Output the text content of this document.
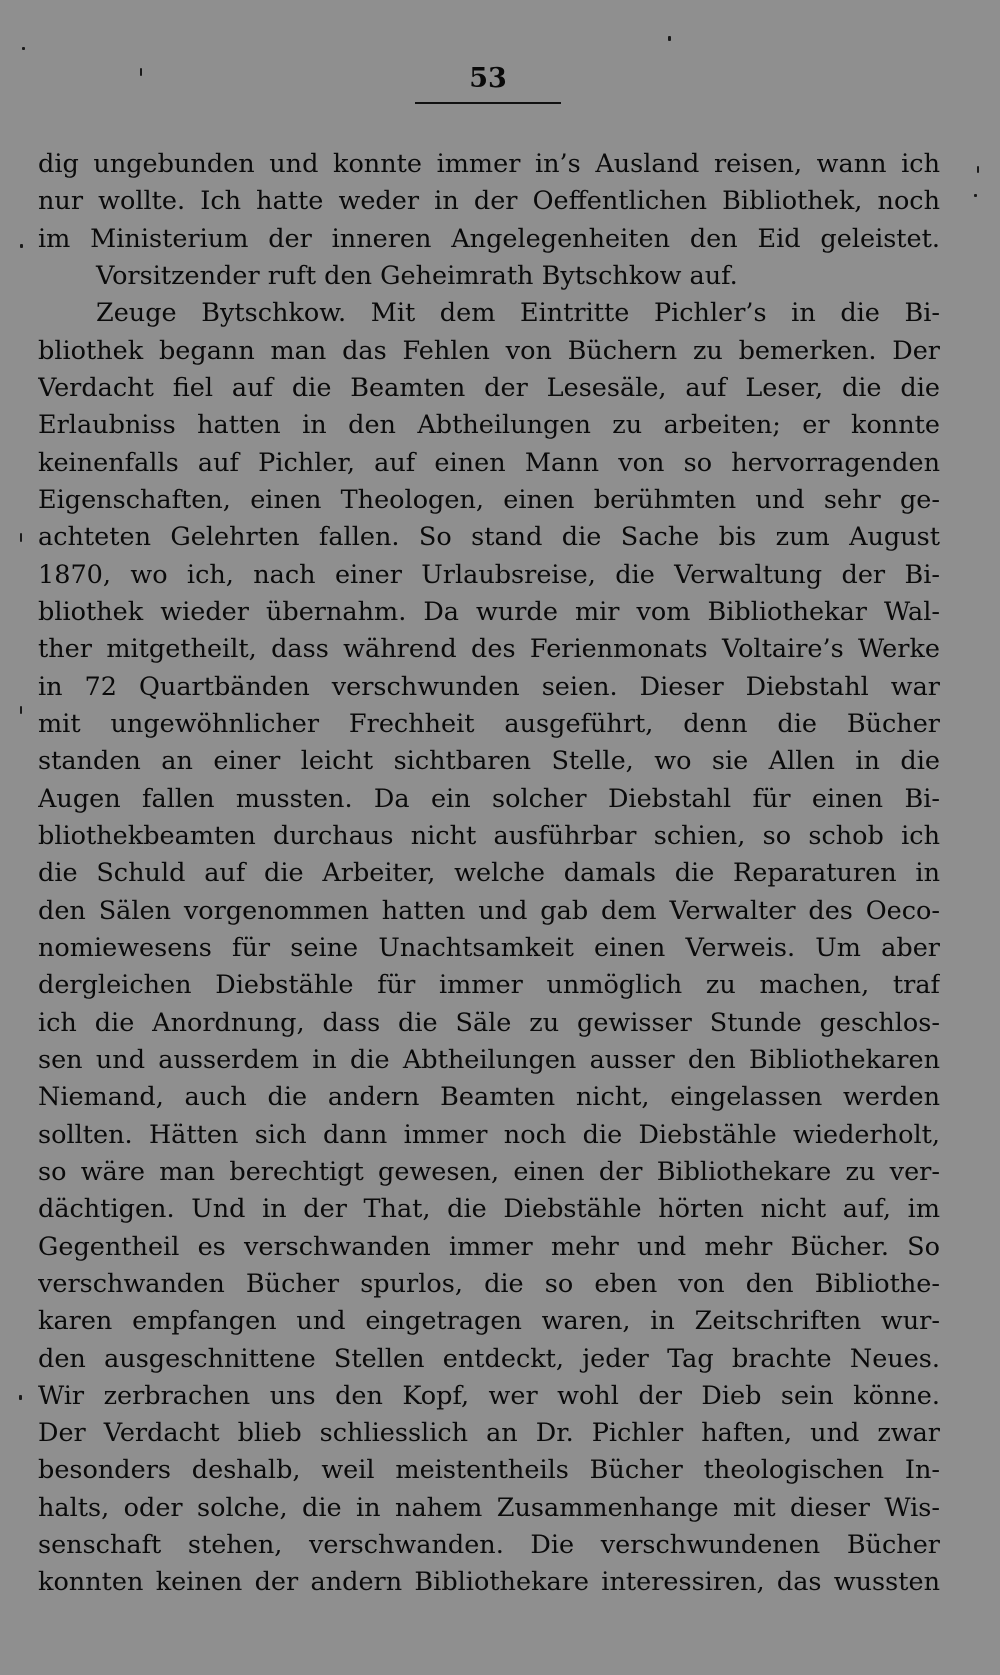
53
dig ungebunden und konnte immer in’s Ausland reisen, wann ich
nur wollte. Ich hatte weder in der Oeffentlichen Bibliothek, noch
im Ministerium der inneren Angelegenheiten den Eid geleistet.
Vorsitzender ruft den Geheimrath Bytschkow auf.
Zeuge Bytschkow. Mit dem Eintritte Pichler’s in die Bi-
bliothek begann man das Fehlen von Büchern zu bemerken. Der
Verdacht fiel auf die Beamten der Lesesäle, auf Leser, die die
Erlaubniss hatten in den Abtheilungen zu arbeiten; er konnte
keinenfalls auf Pichler, auf einen Mann von so hervorragenden
Eigenschaften, einen Theologen, einen berühmten und sehr ge-
achteten Gelehrten fallen. So stand die Sache bis zum August
1870, wo ich, nach einer Urlaubsreise, die Verwaltung der Bi-
bliothek wieder übernahm. Da wurde mir vom Bibliothekar Wal-
ther mitgetheilt, dass während des Ferienmonats Voltaire’s Werke
in 72 Quartbänden verschwunden seien. Dieser Diebstahl war
mit ungewöhnlicher Frechheit ausgeführt, denn die Bücher
standen an einer leicht sichtbaren Stelle, wo sie Allen in die
Augen fallen mussten. Da ein solcher Diebstahl für einen Bi-
bliothekbeamten durchaus nicht ausführbar schien, so schob ich
die Schuld auf die Arbeiter, welche damals die Reparaturen in
den Sälen vorgenommen hatten und gab dem Verwalter des Oeco-
nomiewesens für seine Unachtsamkeit einen Verweis. Um aber
dergleichen Diebstähle für immer unmöglich zu machen, traf
ich die Anordnung, dass die Säle zu gewisser Stunde geschlos-
sen und ausserdem in die Abtheilungen ausser den Bibliothekaren
Niemand, auch die andern Beamten nicht, eingelassen werden
sollten. Hätten sich dann immer noch die Diebstähle wiederholt,
so wäre man berechtigt gewesen, einen der Bibliothekare zu ver-
dächtigen. Und in der That, die Diebstähle hörten nicht auf, im
Gegentheil es verschwanden immer mehr und mehr Bücher. So
verschwanden Bücher spurlos, die so eben von den Bibliothe-
karen empfangen und eingetragen waren, in Zeitschriften wur-
den ausgeschnittene Stellen entdeckt, jeder Tag brachte Neues.
Wir zerbrachen uns den Kopf, wer wohl der Dieb sein könne.
Der Verdacht blieb schliesslich an Dr. Pichler haften, und zwar
besonders deshalb, weil meistentheils Bücher theologischen In-
halts, oder solche, die in nahem Zusammenhange mit dieser Wis-
senschaft stehen, verschwanden. Die verschwundenen Bücher
konnten keinen der andern Bibliothekare interessiren, das wussten
